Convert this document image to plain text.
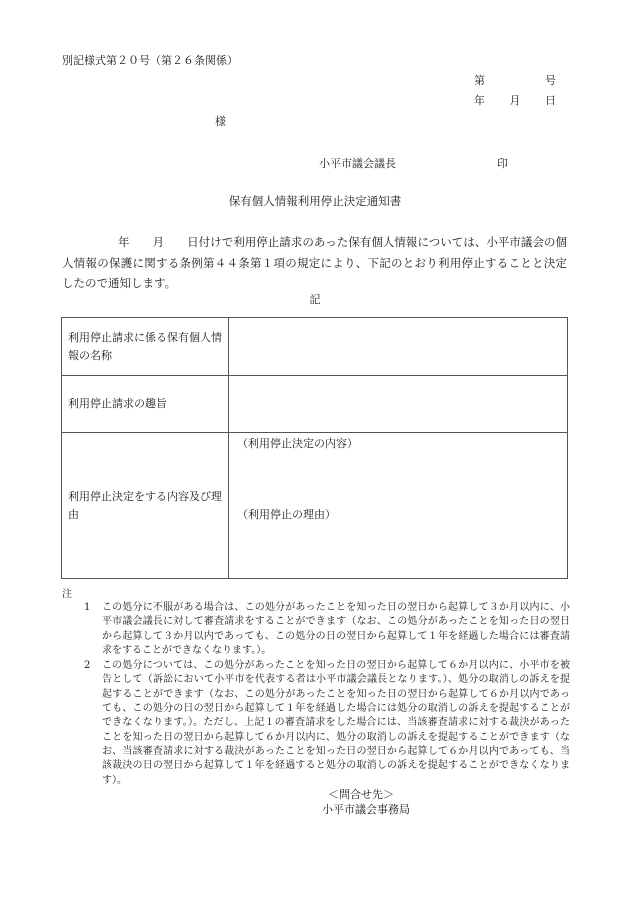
別記様式第２０号（第２６条関係）
第	号
年 月 日
様
小平市議会議長	印
保有個人情報利用停止決定通知書
年　　月　　日付けで利用停止請求のあった保有個人情報については、小平市議会の個人情報の保護に関する条例第４４条第１項の規定により、下記のとおり利用停止することと決定したので通知します。
記
利用停止請求に係る保有個人情報の名称	
利用停止請求の趣旨	
利用停止決定をする内容及び理由	（利用停止決定の内容）
（利用停止の理由）
注
1	この処分に不服がある場合は、この処分があったことを知った日の翌日から起算して３か月以内に、小平市議会議長に対して審査請求をすることができます（なお、この処分があったことを知った日の翌日から起算して３か月以内であっても、この処分の日の翌日から起算して１年を経過した場合には審査請求をすることができなくなります。）。
2	この処分については、この処分があったことを知った日の翌日から起算して６か月以内に、小平市を被告として（訴訟において小平市を代表する者は小平市議会議長となります。）、処分の取消しの訴えを提起することができます（なお、この処分があったことを知った日の翌日から起算して６か月以内であっても、この処分の日の翌日から起算して１年を経過した場合には処分の取消しの訴えを提起することができなくなります。）。ただし、上記１の審査請求をした場合には、当該審査請求に対する裁決があったことを知った日の翌日から起算して６か月以内に、処分の取消しの訴えを提起することができます（なお、当該審査請求に対する裁決があったことを知った日の翌日から起算して６か月以内であっても、当該裁決の日の翌日から起算して１年を経過すると処分の取消しの訴えを提起することができなくなります）。
＜問合せ先＞
小平市議会事務局
